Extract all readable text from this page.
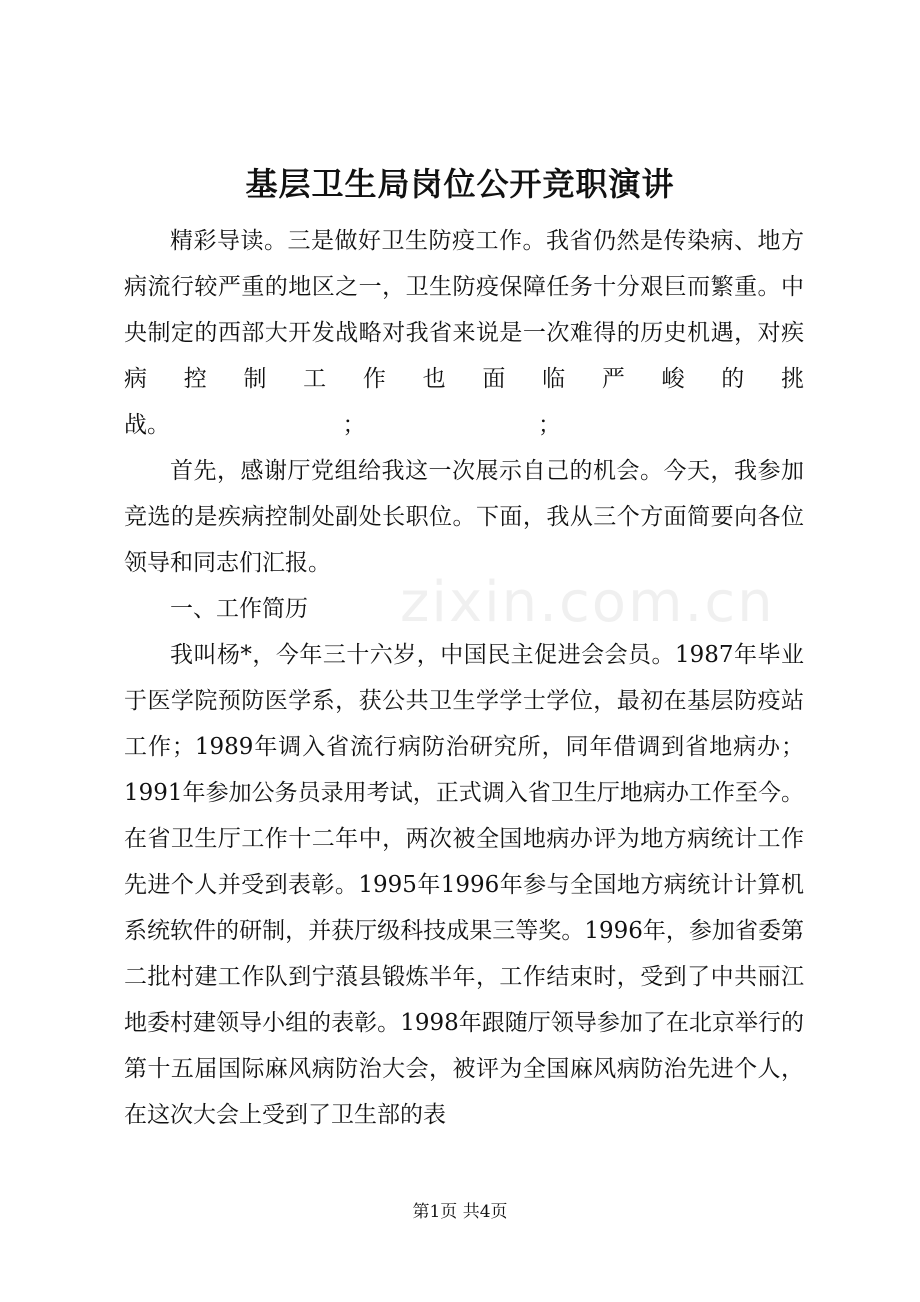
基层卫生局岗位公开竞职演讲
zixin.com.cn

精彩导读。三是做好卫生防疫工作。我省仍然是传染病、地方病流行较严重的地区之一，卫生防疫保障任务十分艰巨而繁重。中央制定的西部大开发战略对我省来说是一次难得的历史机遇，对疾病控制工作也面临严峻的挑战。　　　　　　　　；　　　　　　　　；

首先，感谢厅党组给我这一次展示自己的机会。今天，我参加竞选的是疾病控制处副处长职位。下面，我从三个方面简要向各位领导和同志们汇报。

一、工作简历

我叫杨*，今年三十六岁，中国民主促进会会员。1987年毕业于医学院预防医学系，获公共卫生学学士学位，最初在基层防疫站工作；1989年调入省流行病防治研究所，同年借调到省地病办；1991年参加公务员录用考试，正式调入省卫生厅地病办工作至今。在省卫生厅工作十二年中，两次被全国地病办评为地方病统计工作先进个人并受到表彰。1995年1996年参与全国地方病统计计算机系统软件的研制，并获厅级科技成果三等奖。1996年，参加省委第二批村建工作队到宁蒗县锻炼半年，工作结束时，受到了中共丽江地委村建领导小组的表彰。1998年跟随厅领导参加了在北京举行的第十五届国际麻风病防治大会，被评为全国麻风病防治先进个人，在这次大会上受到了卫生部的表

第1页 共4页
